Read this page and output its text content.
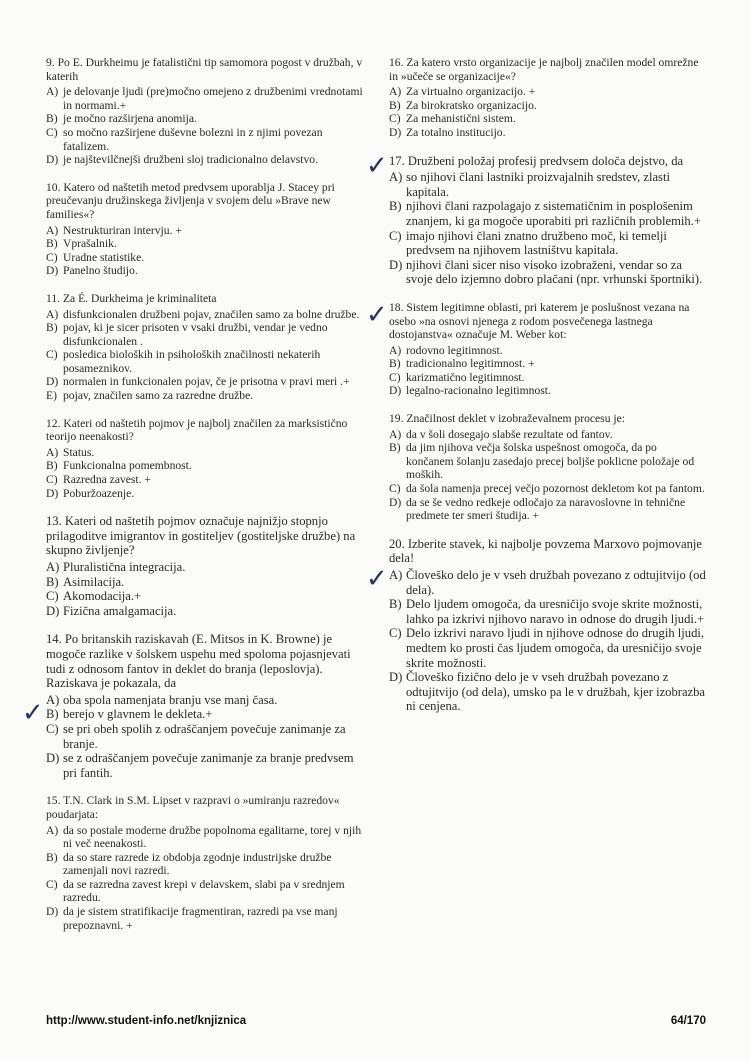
9. Po E. Durkheimu je fatalistični tip samomora pogost v družbah, v katerih

A) je delovanje ljudi (pre)močno omejeno z družbenimi vrednotami in normami.+
B) je močno razširjena anomija.
C) so močno razširjene duševne bolezni in z njimi povezan fatalizem.
D) je najštevilčnejši družbeni sloj tradicionalno delavstvo.

10. Katero od naštetih metod predvsem uporablja J. Stacey pri preučevanju družinskega življenja v svojem delu »Brave new families«?

A) Nestrukturiran intervju. +
B) Vprašalnik.
C) Uradne statistike.
D) Panelno študijo.

11. Za É. Durkheima je kriminaliteta

A) disfunkcionalen družbeni pojav, značilen samo za bolne družbe.
B) pojav, ki je sicer prisoten v vsaki družbi, vendar je vedno disfunkcionalen .
C) posledica bioloških in psiholoških značilnosti nekaterih posameznikov.
D) normalen in funkcionalen pojav, če je prisotna v pravi meri .+
E) pojav, značilen samo za razredne družbe.

12. Kateri od naštetih pojmov je najbolj značilen za marksistično teorijo neenakosti?

A) Status.
B) Funkcionalna pomembnost.
C) Razredna zavest. +
D) Poburžoazenje.

13. Kateri od naštetih pojmov označuje najnižjo stopnjo prilagoditve imigrantov in gostiteljev (gostiteljske družbe) na skupno življenje?

A) Pluralistična integracija.
B) Asimilacija.
C) Akomodacija.+
D) Fizična amalgamacija.

14. Po britanskih raziskavah (E. Mitsos in K. Browne) je mogoče razlike v šolskem uspehu med spoloma pojasnjevati tudi z odnosom fantov in deklet do branja (leposlovja). Raziskava je pokazala, da

A) oba spola namenjata branju vse manj časa.
B) berejo v glavnem le dekleta.+
C) se pri obeh spolih z odraščanjem povečuje zanimanje za branje.
D) se z odraščanjem povečuje zanimanje za branje predvsem pri fantih.

15. T.N. Clark in S.M. Lipset v razpravi o »umiranju razredov« poudarjata:

A) da so postale moderne družbe popolnoma egalitarne, torej v njih ni več neenakosti.
B) da so stare razrede iz obdobja zgodnje industrijske družbe zamenjali novi razredi.
C) da se razredna zavest krepi v delavskem, slabi pa v srednjem razredu.
D) da je sistem stratifikacije fragmentiran, razredi pa vse manj prepoznavni. +

16. Za katero vrsto organizacije je najbolj značilen model omrežne in »učeče se organizacije«?

A) Za virtualno organizacijo. +
B) Za birokratsko organizacijo.
C) Za mehanistični sistem.
D) Za totalno institucijo.

17. Družbeni položaj profesij predvsem določa dejstvo, da

A) so njihovi člani lastniki proizvajalnih sredstev, zlasti kapitala.
B) njihovi člani razpolagajo z sistematičnim in posplošenim znanjem, ki ga mogoče uporabiti pri različnih problemih.+
C) imajo njihovi člani znatno družbeno moč, ki temelji predvsem na njihovem lastništvu kapitala.
D) njihovi člani sicer niso visoko izobraženi, vendar so za svoje delo izjemno dobro plačani (npr. vrhunski športniki).

18. Sistem legitimne oblasti, pri katerem je poslušnost vezana na osebo »na osnovi njenega z rodom posvečenega lastnega dostojanstva« označuje M. Weber kot:

A) rodovno legitimnost.
B) tradicionalno legitimnost. +
C) karizmatično legitimnost.
D) legalno-racionalno legitimnost.

19. Značilnost deklet v izobraževalnem procesu je:

A) da v šoli dosegajo slabše rezultate od fantov.
B) da jim njihova večja šolska uspešnost omogoča, da po končanem šolanju zasedajo precej boljše poklicne položaje od moških.
C) da šola namenja precej večjo pozornost dekletom kot pa fantom.
D) da se še vedno redkeje odločajo za naravoslovne in tehnične predmete ter smeri študija. +

20. Izberite stavek, ki najbolje povzema Marxovo pojmovanje dela!

A) Človeško delo je v vseh družbah povezano z odtujitvijo (od dela).
B) Delo ljudem omogoča, da uresničijo svoje skrite možnosti, lahko pa izkrivi njihovo naravo in odnose do drugih ljudi.+
C) Delo izkrivi naravo ljudi in njihove odnose do drugih ljudi, medtem ko prosti čas ljudem omogoča, da uresničijo svoje skrite možnosti.
D) Človeško fizično delo je v vseh družbah povezano z odtujitvijo (od dela), umsko pa le v družbah, kjer izobrazba ni cenjena.
✓
✓
✓
✓
http://www.student-info.net/knjiznica	64/170
